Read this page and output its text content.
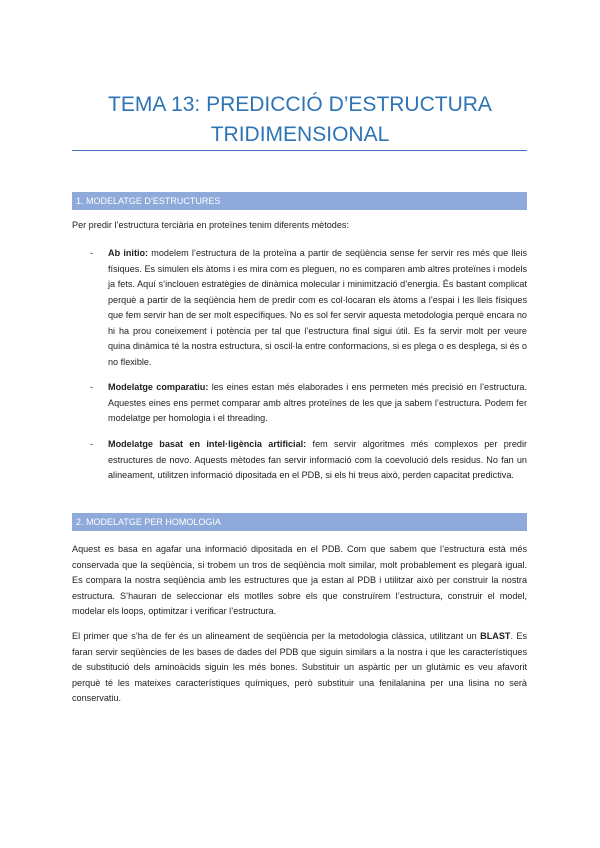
TEMA 13: PREDICCIÓ D’ESTRUCTURA
TRIDIMENSIONAL
1. MODELATGE D’ESTRUCTURES

Per predir l’estructura terciària en proteïnes tenim diferents mètodes:

- Ab initio: modelem l’estructura de la proteïna a partir de seqüència sense fer servir res més que lleis físiques. Es simulen els àtoms i es mira com es pleguen, no es comparen amb altres proteïnes i models ja fets. Aquí s’inclouen estratègies de dinàmica molecular i minimització d’energia. És bastant complicat perquè a partir de la seqüència hem de predir com es col·locaran els àtoms a l’espai i les lleis físiques que fem servir han de ser molt específiques. No es sol fer servir aquesta metodologia perquè encara no hi ha prou coneixement i potència per tal que l’estructura final sigui útil. Es fa servir molt per veure quina dinàmica té la nostra estructura, si oscil·la entre conformacions, si es plega o es desplega, si és o no flexible.

- Modelatge comparatiu: les eines estan més elaborades i ens permeten més precisió en l’estructura. Aquestes eines ens permet comparar amb altres proteïnes de les que ja sabem l’estructura. Podem fer modelatge per homologia i el threading.

- Modelatge basat en intel·ligència artificial: fem servir algoritmes més complexos per predir estructures de novo. Aquests mètodes fan servir informació com la coevolució dels residus. No fan un alineament, utilitzen informació dipositada en el PDB, si els hi treus això, perden capacitat predictiva.

2. MODELATGE PER HOMOLOGIA

Aquest es basa en agafar una informació dipositada en el PDB. Com que sabem que l’estructura està més conservada que la seqüència, si trobem un tros de seqüència molt similar, molt probablement es plegarà igual. Es compara la nostra seqüència amb les estructures que ja estan al PDB i utilitzar això per construir la nostra estructura. S’hauran de seleccionar els motlles sobre els que construïrem l’estructura, construir el model, modelar els loops, optimitzar i verificar l’estructura.

El primer que s’ha de fer és un alineament de seqüència per la metodologia clàssica, utilitzant un BLAST. Es faran servir seqüències de les bases de dades del PDB que siguin similars a la nostra i que les característiques de substitució dels aminoàcids siguin les més bones. Substituir un aspàrtic per un glutàmic es veu afavorit perquè té les mateixes característiques químiques, però substituir una fenilalanina per una lisina no serà conservatiu.
